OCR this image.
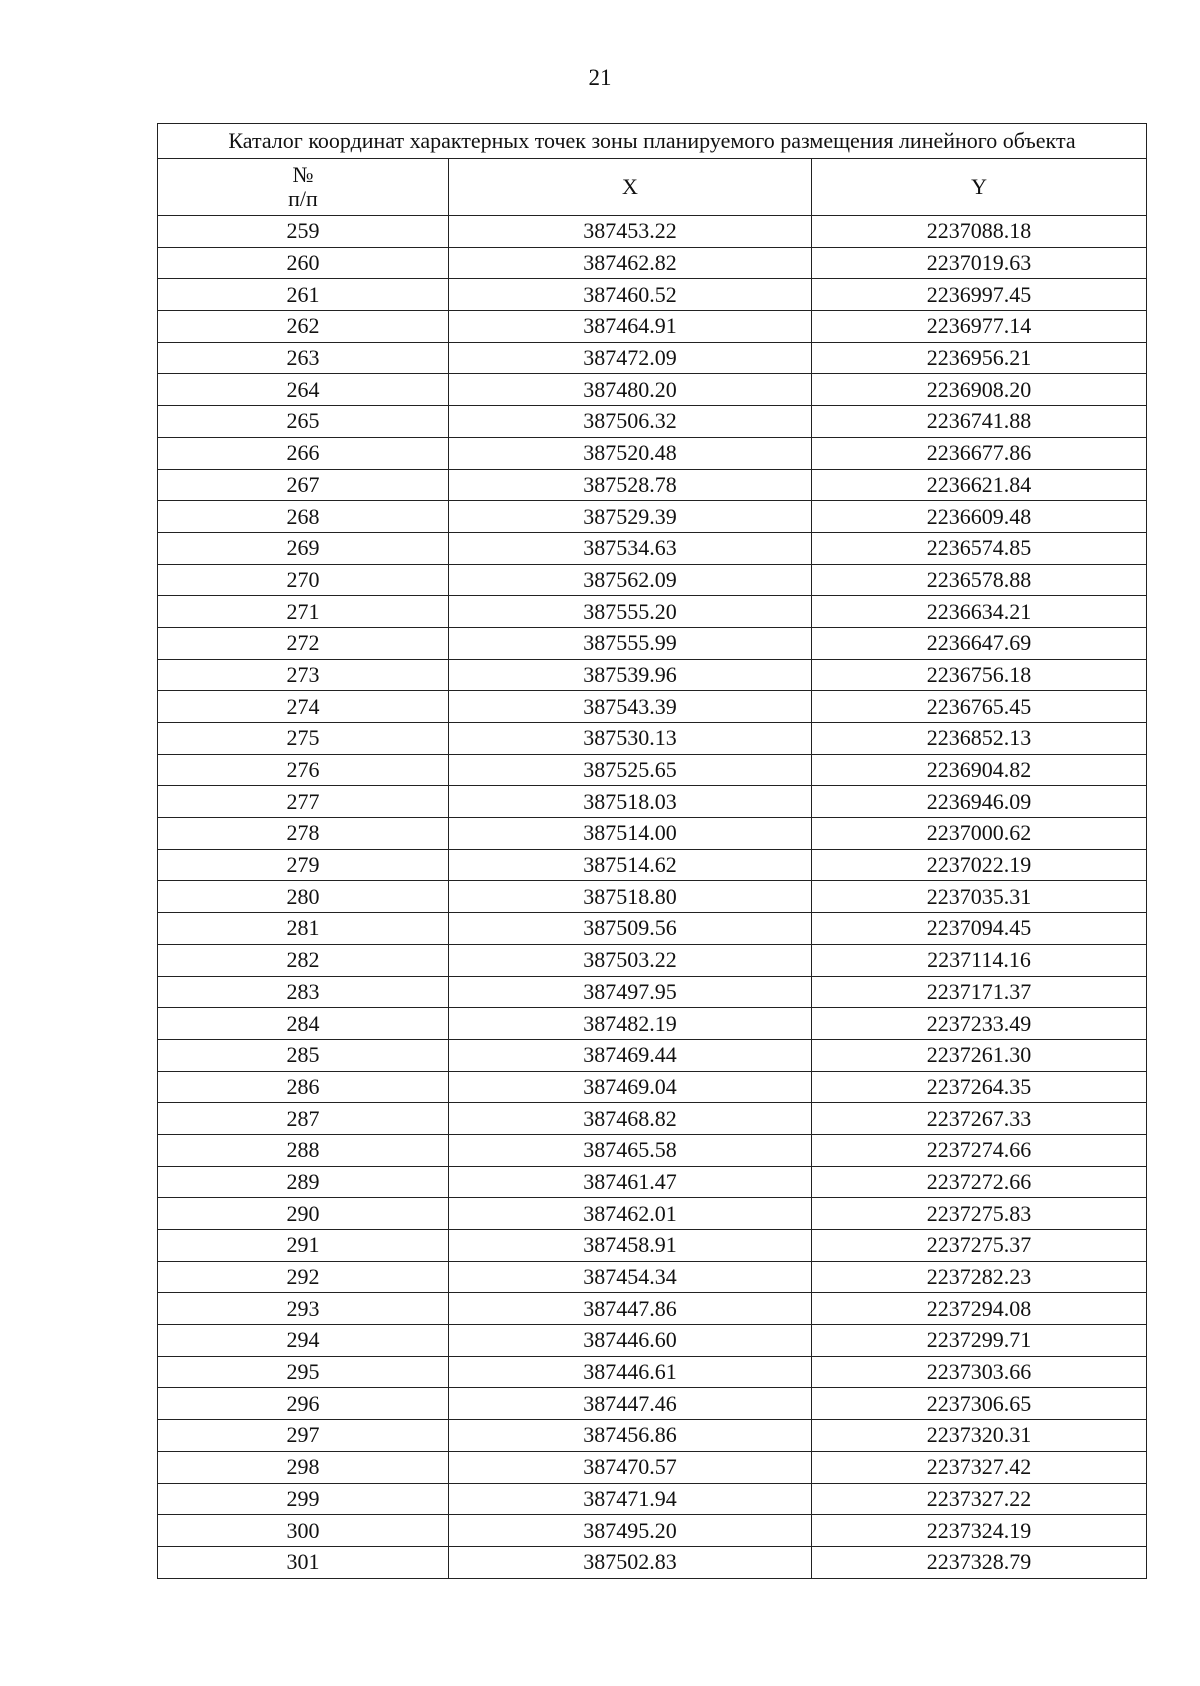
21
Каталог координат характерных точек зоны планируемого размещения линейного объекта		
№
п/п	X	Y
259	387453.22	2237088.18
260	387462.82	2237019.63
261	387460.52	2236997.45
262	387464.91	2236977.14
263	387472.09	2236956.21
264	387480.20	2236908.20
265	387506.32	2236741.88
266	387520.48	2236677.86
267	387528.78	2236621.84
268	387529.39	2236609.48
269	387534.63	2236574.85
270	387562.09	2236578.88
271	387555.20	2236634.21
272	387555.99	2236647.69
273	387539.96	2236756.18
274	387543.39	2236765.45
275	387530.13	2236852.13
276	387525.65	2236904.82
277	387518.03	2236946.09
278	387514.00	2237000.62
279	387514.62	2237022.19
280	387518.80	2237035.31
281	387509.56	2237094.45
282	387503.22	2237114.16
283	387497.95	2237171.37
284	387482.19	2237233.49
285	387469.44	2237261.30
286	387469.04	2237264.35
287	387468.82	2237267.33
288	387465.58	2237274.66
289	387461.47	2237272.66
290	387462.01	2237275.83
291	387458.91	2237275.37
292	387454.34	2237282.23
293	387447.86	2237294.08
294	387446.60	2237299.71
295	387446.61	2237303.66
296	387447.46	2237306.65
297	387456.86	2237320.31
298	387470.57	2237327.42
299	387471.94	2237327.22
300	387495.20	2237324.19
301	387502.83	2237328.79
